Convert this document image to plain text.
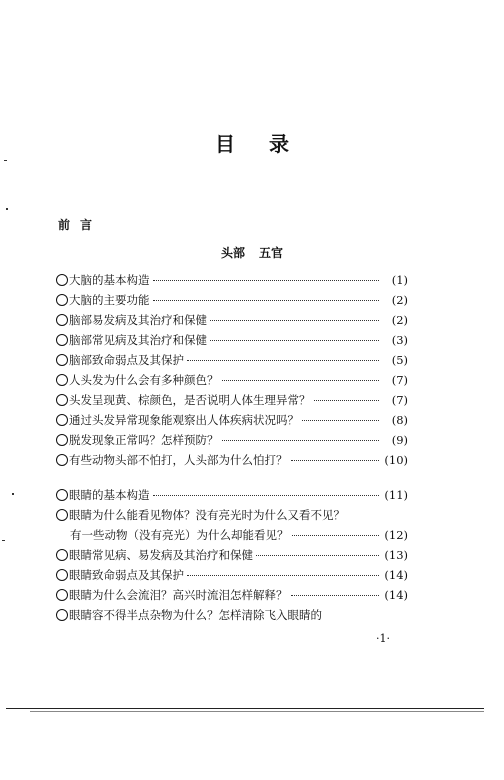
目录
前言
头部 五官
大脑的基本构造	(1)
大脑的主要功能	(2)
脑部易发病及其治疗和保健	(2)
脑部常见病及其治疗和保健	(3)
脑部致命弱点及其保护	(5)
人头发为什么会有多种颜色？	(7)
头发呈现黄、棕颜色，是否说明人体生理异常？	(7)
通过头发异常现象能观察出人体疾病状况吗？	(8)
脱发现象正常吗？怎样预防？	(9)
有些动物头部不怕打，人头部为什么怕打？	(10)
眼睛的基本构造	(11)
眼睛为什么能看见物体？没有亮光时为什么又看不见？
有一些动物（没有亮光）为什么却能看见？	(12)
眼睛常见病、易发病及其治疗和保健	(13)
眼睛致命弱点及其保护	(14)
眼睛为什么会流泪？高兴时流泪怎样解释？	(14)
眼睛容不得半点杂物为什么？怎样清除飞入眼睛的
·1·
